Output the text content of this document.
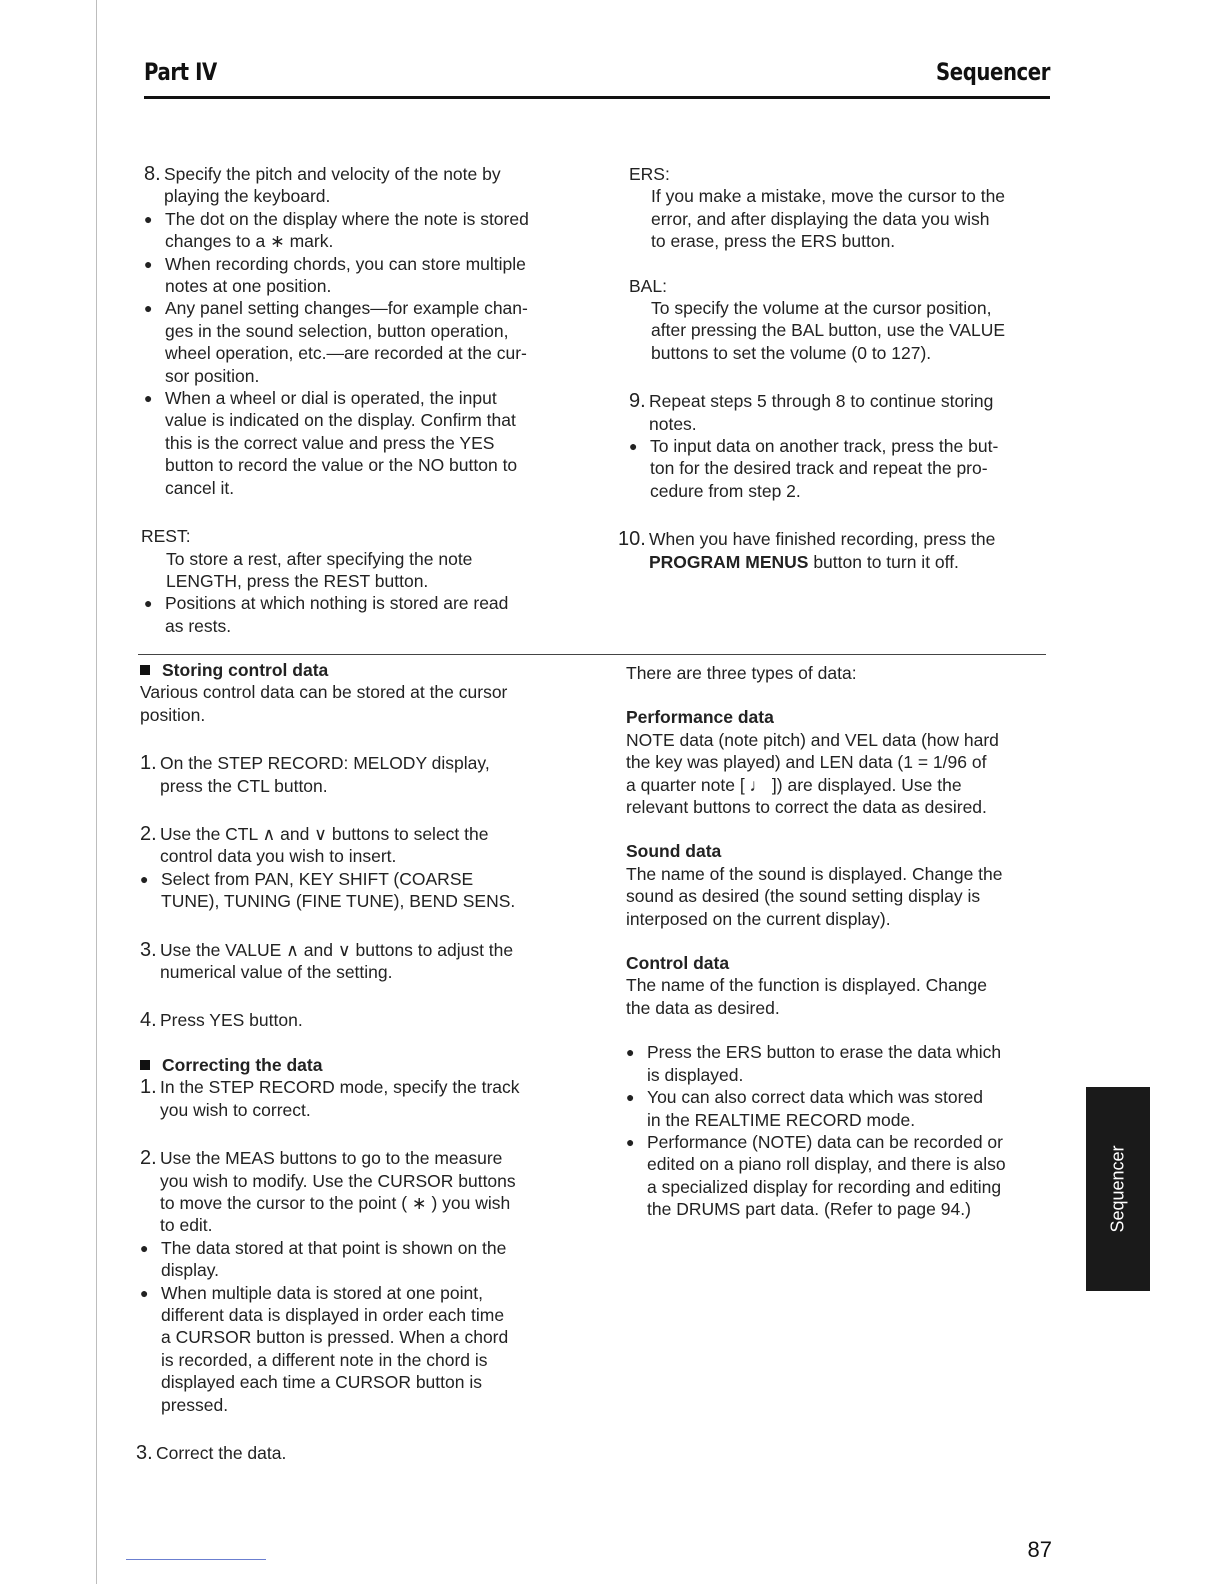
Part IV	Sequencer
8. Specify the pitch and velocity of the note by

playing the keyboard.

● The dot on the display where the note is stored

changes to a ∗ mark.

● When recording chords, you can store multiple

notes at one position.

● Any panel setting changes—for example chan-

ges in the sound selection, button operation,

wheel operation, etc.—are recorded at the cur-

sor position.

● When a wheel or dial is operated, the input

value is indicated on the display. Confirm that

this is the correct value and press the YES

button to record the value or the NO button to

cancel it.

REST:

To store a rest, after specifying the note

LENGTH, press the REST button.

● Positions at which nothing is stored are read

as rests.

ERS:

If you make a mistake, move the cursor to the

error, and after displaying the data you wish

to erase, press the ERS button.

BAL:

To specify the volume at the cursor position,

after pressing the BAL button, use the VALUE

buttons to set the volume (0 to 127).

9. Repeat steps 5 through 8 to continue storing

notes.

● To input data on another track, press the but-

ton for the desired track and repeat the pro-

cedure from step 2.

10. When you have finished recording, press the

PROGRAM MENUS button to turn it off.

Storing control data

Various control data can be stored at the cursor

position.

1. On the STEP RECORD: MELODY display,

press the CTL button.

2. Use the CTL ∧ and ∨ buttons to select the

control data you wish to insert.

● Select from PAN, KEY SHIFT (COARSE

TUNE), TUNING (FINE TUNE), BEND SENS.

3. Use the VALUE ∧ and ∨ buttons to adjust the

numerical value of the setting.

4. Press YES button.

Correcting the data

1. In the STEP RECORD mode, specify the track

you wish to correct.

2. Use the MEAS buttons to go to the measure

you wish to modify. Use the CURSOR buttons

to move the cursor to the point ( ∗ ) you wish

to edit.

● The data stored at that point is shown on the

display.

● When multiple data is stored at one point,

different data is displayed in order each time

a CURSOR button is pressed. When a chord

is recorded, a different note in the chord is

displayed each time a CURSOR button is

pressed.

3. Correct the data.

There are three types of data:

Performance data

NOTE data (note pitch) and VEL data (how hard

the key was played) and LEN data (1 = 1/96 of

a quarter note [ ♩ ]) are displayed. Use the

relevant buttons to correct the data as desired.

Sound data

The name of the sound is displayed. Change the

sound as desired (the sound setting display is

interposed on the current display).

Control data

The name of the function is displayed. Change

the data as desired.

● Press the ERS button to erase the data which

is displayed.

● You can also correct data which was stored

in the REALTIME RECORD mode.

● Performance (NOTE) data can be recorded or

edited on a piano roll display, and there is also

a specialized display for recording and editing

the DRUMS part data. (Refer to page 94.)	Sequencer
87
